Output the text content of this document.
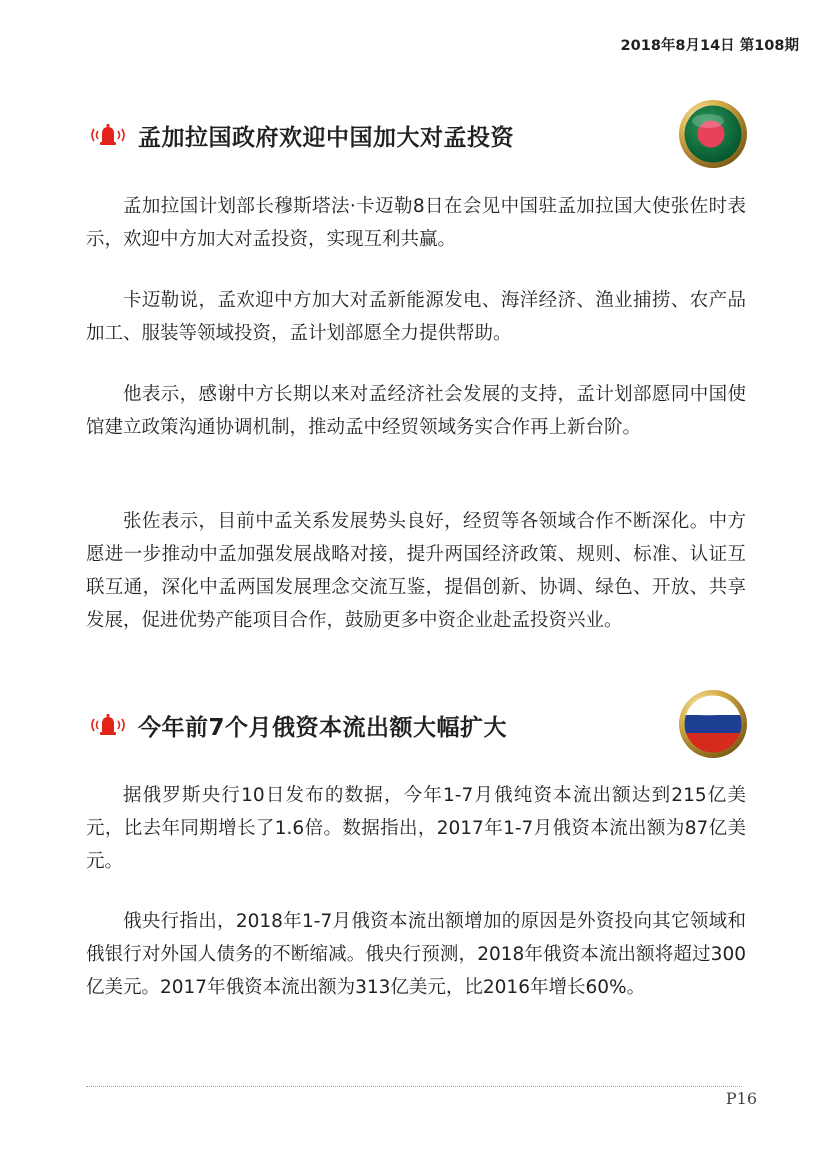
2018年8月14日 第108期
孟加拉国政府欢迎中国加大对孟投资

孟加拉国计划部长穆斯塔法·卡迈勒8日在会见中国驻孟加拉国大使张佐时表示，欢迎中方加大对孟投资，实现互利共赢。

卡迈勒说，孟欢迎中方加大对孟新能源发电、海洋经济、渔业捕捞、农产品加工、服装等领域投资，孟计划部愿全力提供帮助。

他表示，感谢中方长期以来对孟经济社会发展的支持，孟计划部愿同中国使馆建立政策沟通协调机制，推动孟中经贸领域务实合作再上新台阶。

张佐表示，目前中孟关系发展势头良好，经贸等各领域合作不断深化。中方愿进一步推动中孟加强发展战略对接，提升两国经济政策、规则、标准、认证互联互通，深化中孟两国发展理念交流互鉴，提倡创新、协调、绿色、开放、共享发展，促进优势产能项目合作，鼓励更多中资企业赴孟投资兴业。

今年前7个月俄资本流出额大幅扩大

据俄罗斯央行10日发布的数据，今年1-7月俄纯资本流出额达到215亿美元，比去年同期增长了1.6倍。数据指出，2017年1-7月俄资本流出额为87亿美元。

俄央行指出，2018年1-7月俄资本流出额增加的原因是外资投向其它领域和俄银行对外国人债务的不断缩减。俄央行预测，2018年俄资本流出额将超过300亿美元。2017年俄资本流出额为313亿美元，比2016年增长60%。

P16
